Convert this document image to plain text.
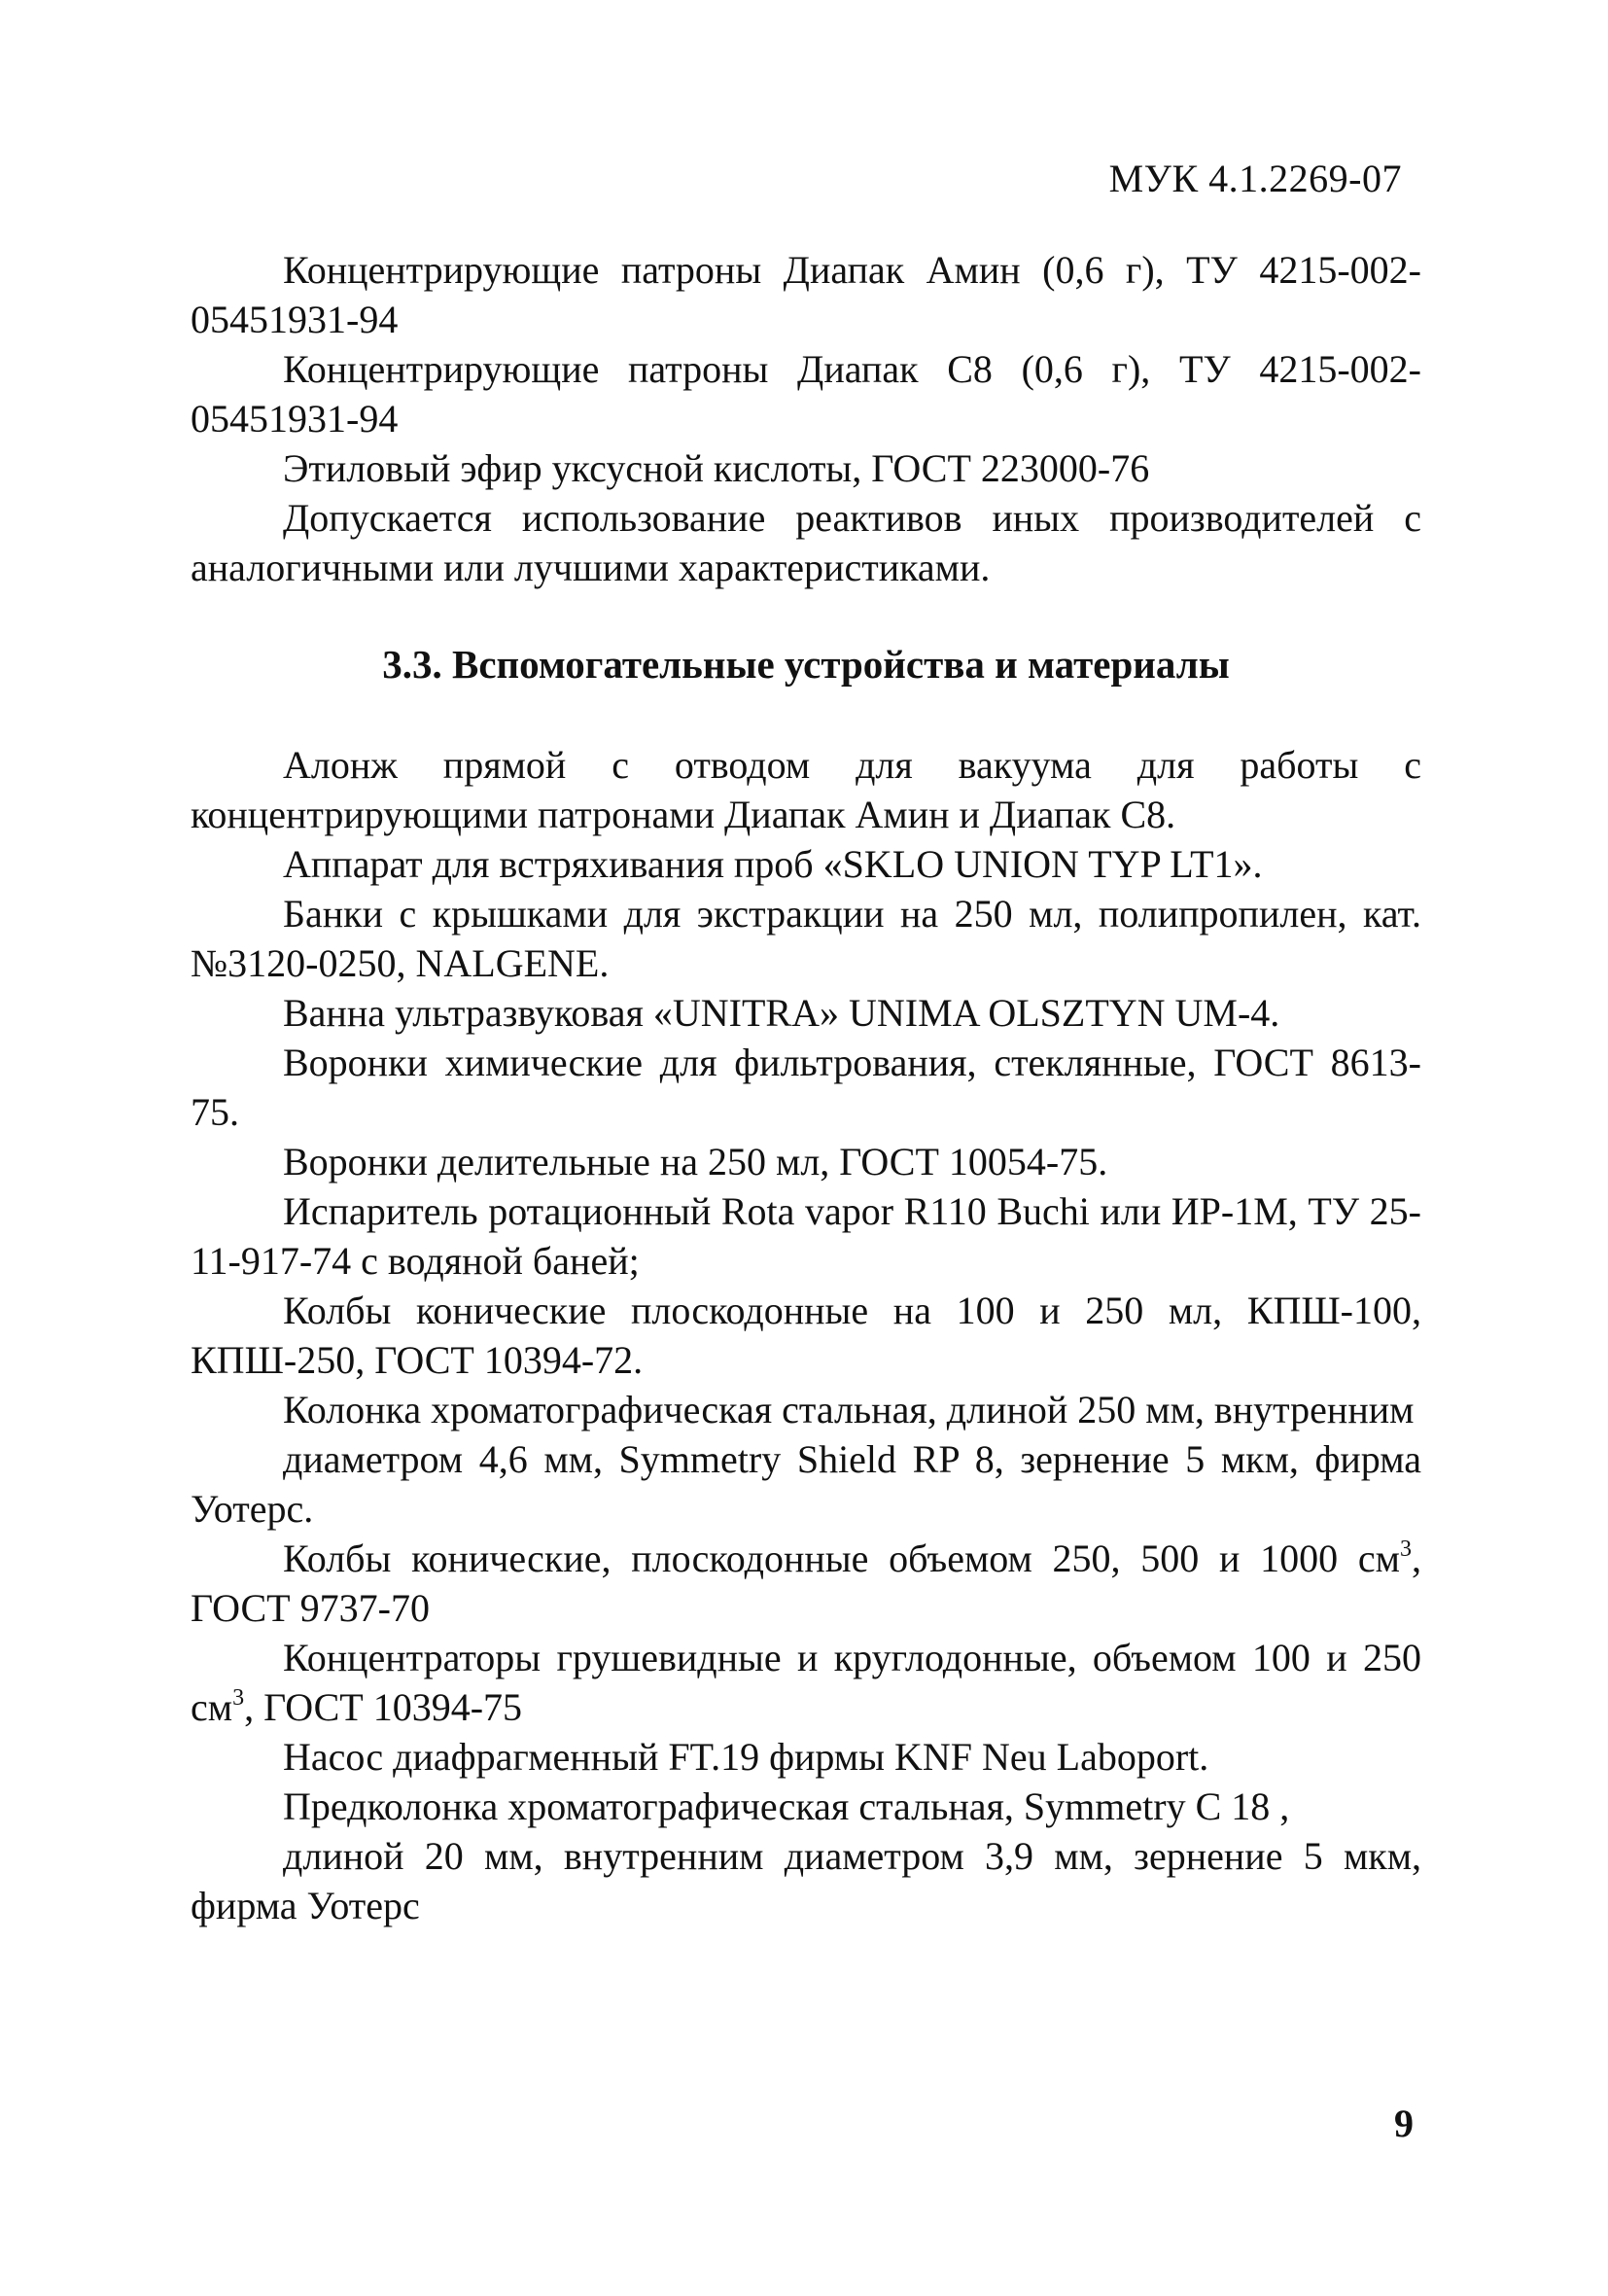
МУК 4.1.2269-07

Концентрирующие патроны Диапак Амин (0,6 г), ТУ 4215-002-05451931-94

Концентрирующие патроны Диапак С8 (0,6 г), ТУ 4215-002-05451931-94

Этиловый эфир уксусной кислоты, ГОСТ 223000-76

Допускается использование реактивов иных производителей с аналогичными или лучшими характеристиками.

3.3. Вспомогательные устройства и материалы

Алонж прямой с отводом для вакуума для работы с концентрирующими патронами Диапак Амин и Диапак С8.

Аппарат для встряхивания проб «SKLO UNION TYP LT1».

Банки с крышками для экстракции на 250 мл, полипропилен, кат.№3120-0250, NALGENE.

Ванна ультразвуковая «UNITRA» UNIMA OLSZTYN UM-4.

Воронки химические для фильтрования, стеклянные, ГОСТ 8613-75.

Воронки делительные на 250 мл, ГОСТ 10054-75.

Испаритель ротационный Rota vapor R110 Buchi или ИР-1М, ТУ 25-11-917-74 с водяной баней;

Колбы конические плоскодонные на 100 и 250 мл, КПШ-100, КПШ-250, ГОСТ 10394-72.

Колонка хроматографическая стальная, длиной 250 мм, внутренним

диаметром 4,6 мм, Symmetry Shield RP 8, зернение 5 мкм, фирма Уотерс.

Колбы конические, плоскодонные объемом 250, 500 и 1000 $см^3$, ГОСТ 9737-70

Концентраторы грушевидные и круглодонные, объемом 100 и 250 $см^3$, ГОСТ 10394-75

Насос диафрагменный FT.19 фирмы KNF Neu Laboport.

Предколонка хроматографическая стальная, Symmetry C 18 ,

длиной 20 мм, внутренним диаметром 3,9 мм, зернение 5 мкм, фирма Уотерс

9
